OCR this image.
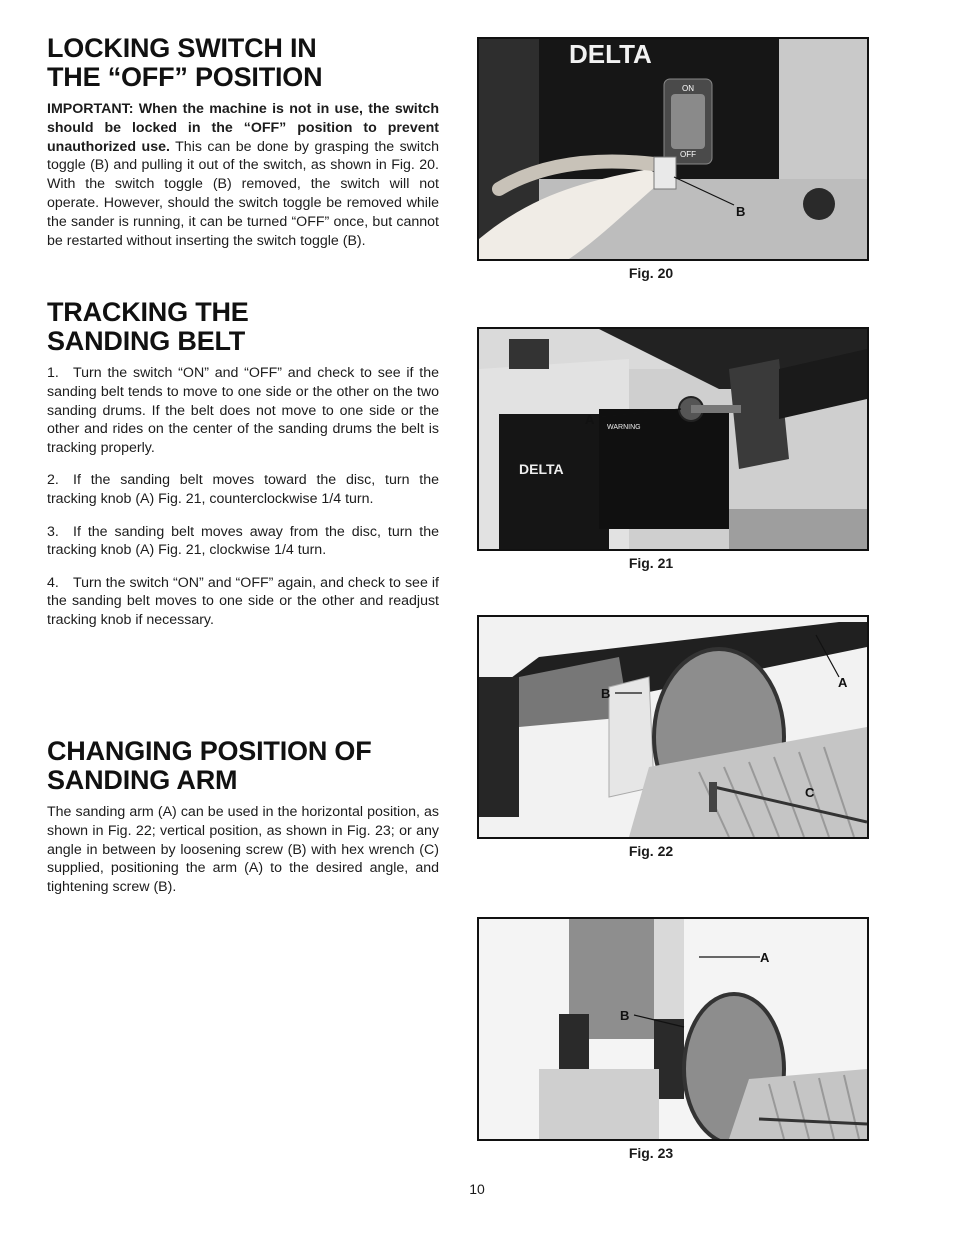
LOCKING SWITCH IN
THE “OFF” POSITION

IMPORTANT: When the machine is not in use, the switch should be locked in the “OFF” position to prevent unauthorized use. This can be done by grasping the switch toggle (B) and pulling it out of the switch, as shown in Fig. 20. With the switch toggle (B) removed, the switch will not operate. However, should the switch toggle be removed while the sander is running, it can be turned “OFF” once, but cannot be restarted without inserting the switch toggle (B).

TRACKING THE
SANDING BELT

1. Turn the switch “ON” and “OFF” and check to see if the sanding belt tends to move to one side or the other on the two sanding drums. If the belt does not move to one side or the other and rides on the center of the sanding drums the belt is tracking properly.

2. If the sanding belt moves toward the disc, turn the tracking knob (A) Fig. 21, counterclockwise 1/4 turn.

3. If the sanding belt moves away from the disc, turn the tracking knob (A) Fig. 21, clockwise 1/4 turn.

4. Turn the switch “ON” and “OFF” again, and check to see if the sanding belt moves to one side or the other and readjust tracking knob if necessary.

CHANGING POSITION OF
SANDING ARM

The sanding arm (A) can be used in the horizontal position, as shown in Fig. 22; vertical position, as shown in Fig. 23; or any angle in between by loosening screw (B) with hex wrench (C) supplied, positioning the arm (A) to the desired angle, and tightening screw (B).

DELTA
ON
OFF
B
Fig. 20
WARNING
DELTA
A
Fig. 21
A
B
C
Fig. 22
A
B
Fig. 23
10
